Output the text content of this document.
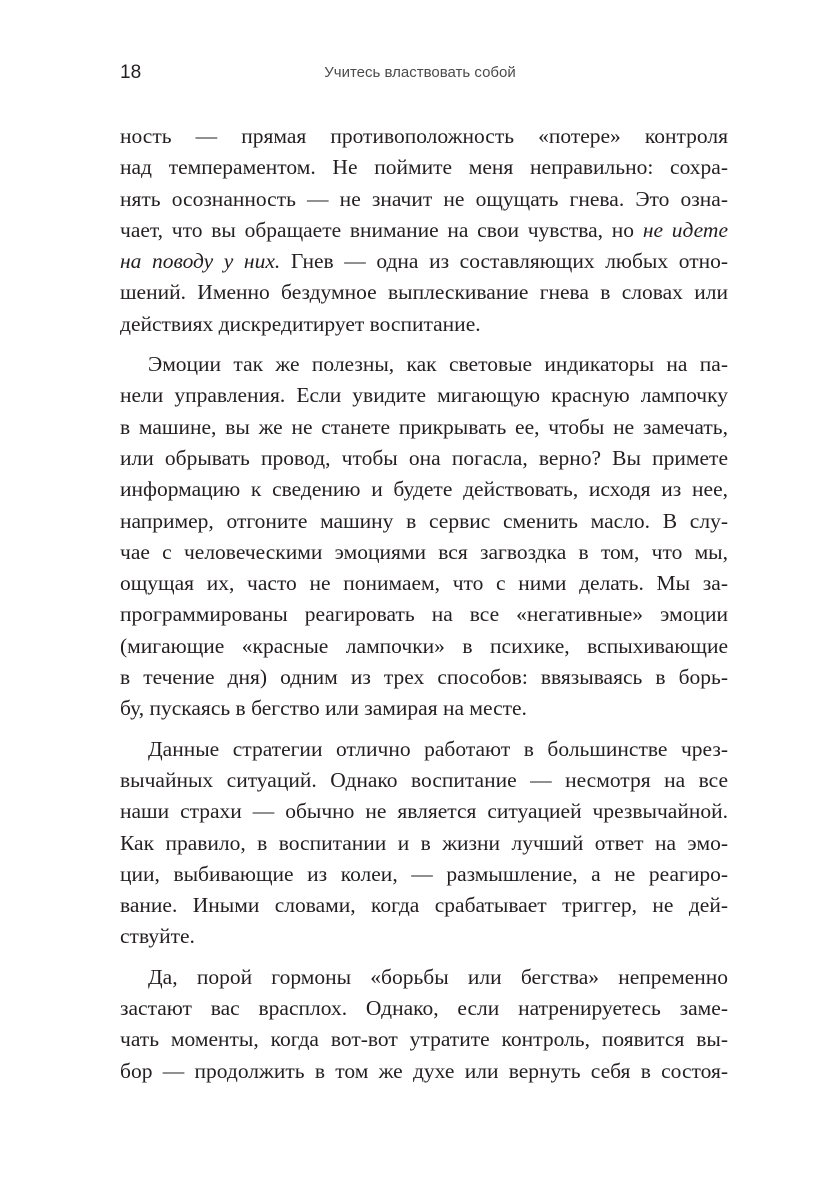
18	Учитесь властвовать собой
ность — прямая противоположность «потере» контроля
над темпераментом. Не поймите меня неправильно: сохра-
нять осознанность — не значит не ощущать гнева. Это озна-
чает, что вы обращаете внимание на свои чувства, но не идете
на поводу у них. Гнев — одна из составляющих любых отно-
шений. Именно бездумное выплескивание гнева в словах или
действиях дискредитирует воспитание.
Эмоции так же полезны, как световые индикаторы на па-
нели управления. Если увидите мигающую красную лампочку
в машине, вы же не станете прикрывать ее, чтобы не замечать,
или обрывать провод, чтобы она погасла, верно? Вы примете
информацию к сведению и будете действовать, исходя из нее,
например, отгоните машину в сервис сменить масло. В слу-
чае с человеческими эмоциями вся загвоздка в том, что мы,
ощущая их, часто не понимаем, что с ними делать. Мы за-
программированы реагировать на все «негативные» эмоции
(мигающие «красные лампочки» в психике, вспыхивающие
в течение дня) одним из трех способов: ввязываясь в борь-
бу, пускаясь в бегство или замирая на месте.
Данные стратегии отлично работают в большинстве чрез-
вычайных ситуаций. Однако воспитание — несмотря на все
наши страхи — обычно не является ситуацией чрезвычайной.
Как правило, в воспитании и в жизни лучший ответ на эмо-
ции, выбивающие из колеи, — размышление, а не реагиро-
вание. Иными словами, когда срабатывает триггер, не дей-
ствуйте.
Да, порой гормоны «борьбы или бегства» непременно
застают вас врасплох. Однако, если натренируетесь заме-
чать моменты, когда вот-вот утратите контроль, появится вы-
бор — продолжить в том же духе или вернуть себя в состоя-
